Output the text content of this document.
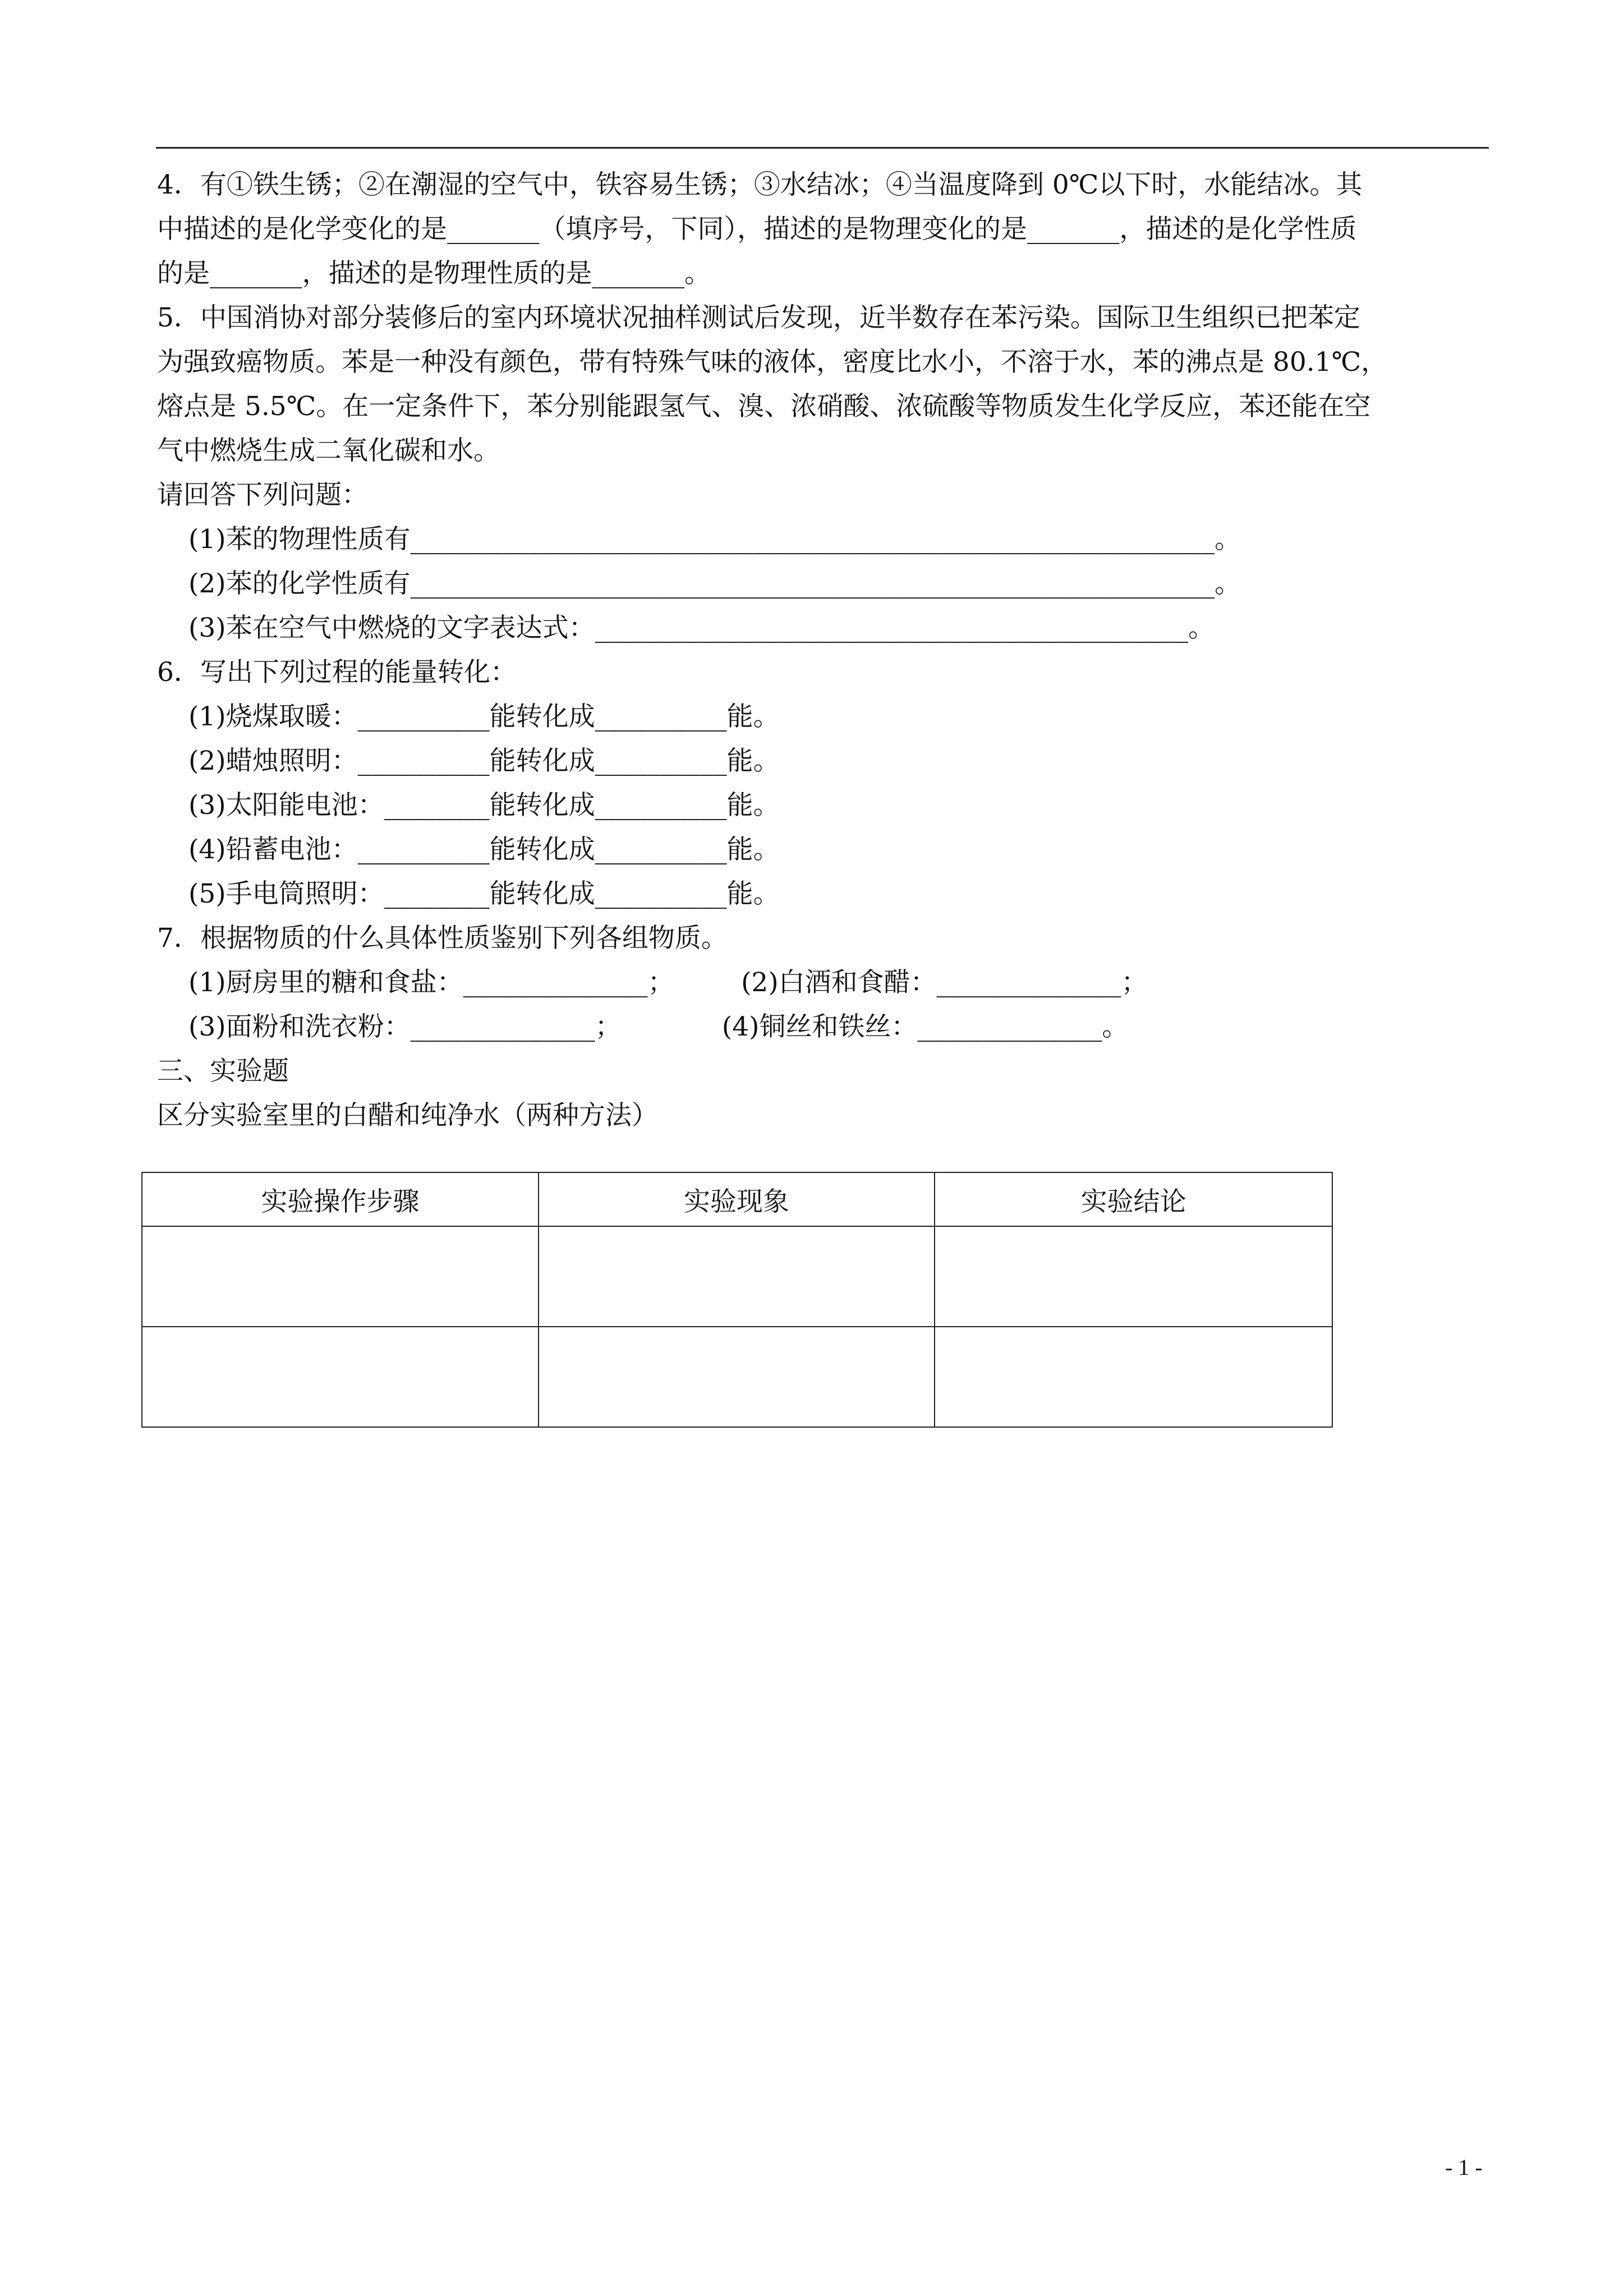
4．有①铁生锈；②在潮湿的空气中，铁容易生锈；③水结冰；④当温度降到 0℃以下时，水能结冰。其
中描述的是化学变化的是_______（填序号，下同），描述的是物理变化的是_______，描述的是化学性质
的是_______，描述的是物理性质的是_______。
5．中国消协对部分装修后的室内环境状况抽样测试后发现，近半数存在苯污染。国际卫生组织已把苯定
为强致癌物质。苯是一种没有颜色，带有特殊气味的液体，密度比水小，不溶于水，苯的沸点是 80.1℃，
熔点是 5.5℃。在一定条件下，苯分别能跟氢气、溴、浓硝酸、浓硫酸等物质发生化学反应，苯还能在空
气中燃烧生成二氧化碳和水。
请回答下列问题：
(1)苯的物理性质有_____________________________________________________________。
(2)苯的化学性质有_____________________________________________________________。
(3)苯在空气中燃烧的文字表达式：_____________________________________________。
6．写出下列过程的能量转化：
(1)烧煤取暖：__________能转化成__________能。
(2)蜡烛照明：__________能转化成__________能。
(3)太阳能电池：________能转化成__________能。
(4)铅蓄电池：__________能转化成__________能。
(5)手电筒照明：________能转化成__________能。
7．根据物质的什么具体性质鉴别下列各组物质。
(1)厨房里的糖和食盐：______________；        (2)白酒和食醋：______________；
(3)面粉和洗衣粉：______________；            (4)铜丝和铁丝：______________。
三、实验题
区分实验室里的白醋和纯净水（两种方法）
实验操作步骤	实验现象	实验结论

- 1 -
